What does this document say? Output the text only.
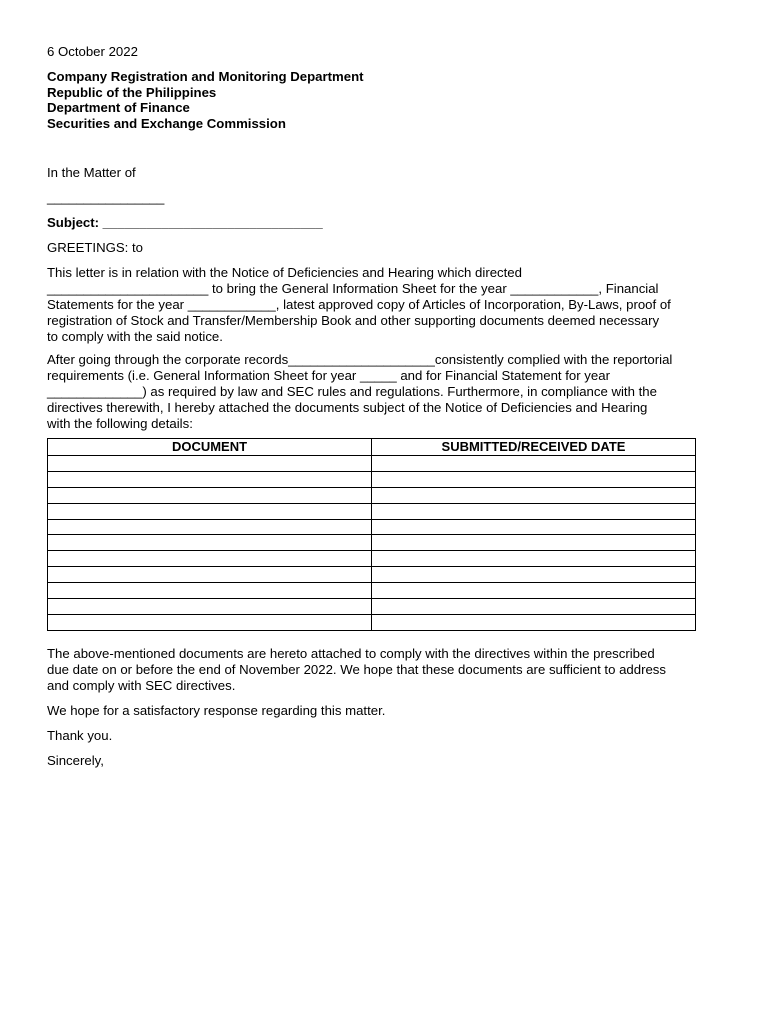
6 October 2022
Company Registration and Monitoring Department
Republic of the Philippines
Department of Finance
Securities and Exchange Commission
In the Matter of
________________
Subject: ______________________________
GREETINGS: to
This letter is in relation with the Notice of Deficiencies and Hearing which directed
______________________ to bring the General Information Sheet for the year ____________, Financial
Statements for the year ____________, latest approved copy of Articles of Incorporation, By-Laws, proof of
registration of Stock and Transfer/Membership Book and other supporting documents deemed necessary
to comply with the said notice.
After going through the corporate records____________________consistently complied with the reportorial
requirements (i.e. General Information Sheet for year _____ and for Financial Statement for year
_____________) as required by law and SEC rules and regulations. Furthermore, in compliance with the
directives therewith, I hereby attached the documents subject of the Notice of Deficiencies and Hearing
with the following details:
DOCUMENT	SUBMITTED/RECEIVED DATE

The above-mentioned documents are hereto attached to comply with the directives within the prescribed
due date on or before the end of November 2022. We hope that these documents are sufficient to address
and comply with SEC directives.
We hope for a satisfactory response regarding this matter.
Thank you.
Sincerely,
